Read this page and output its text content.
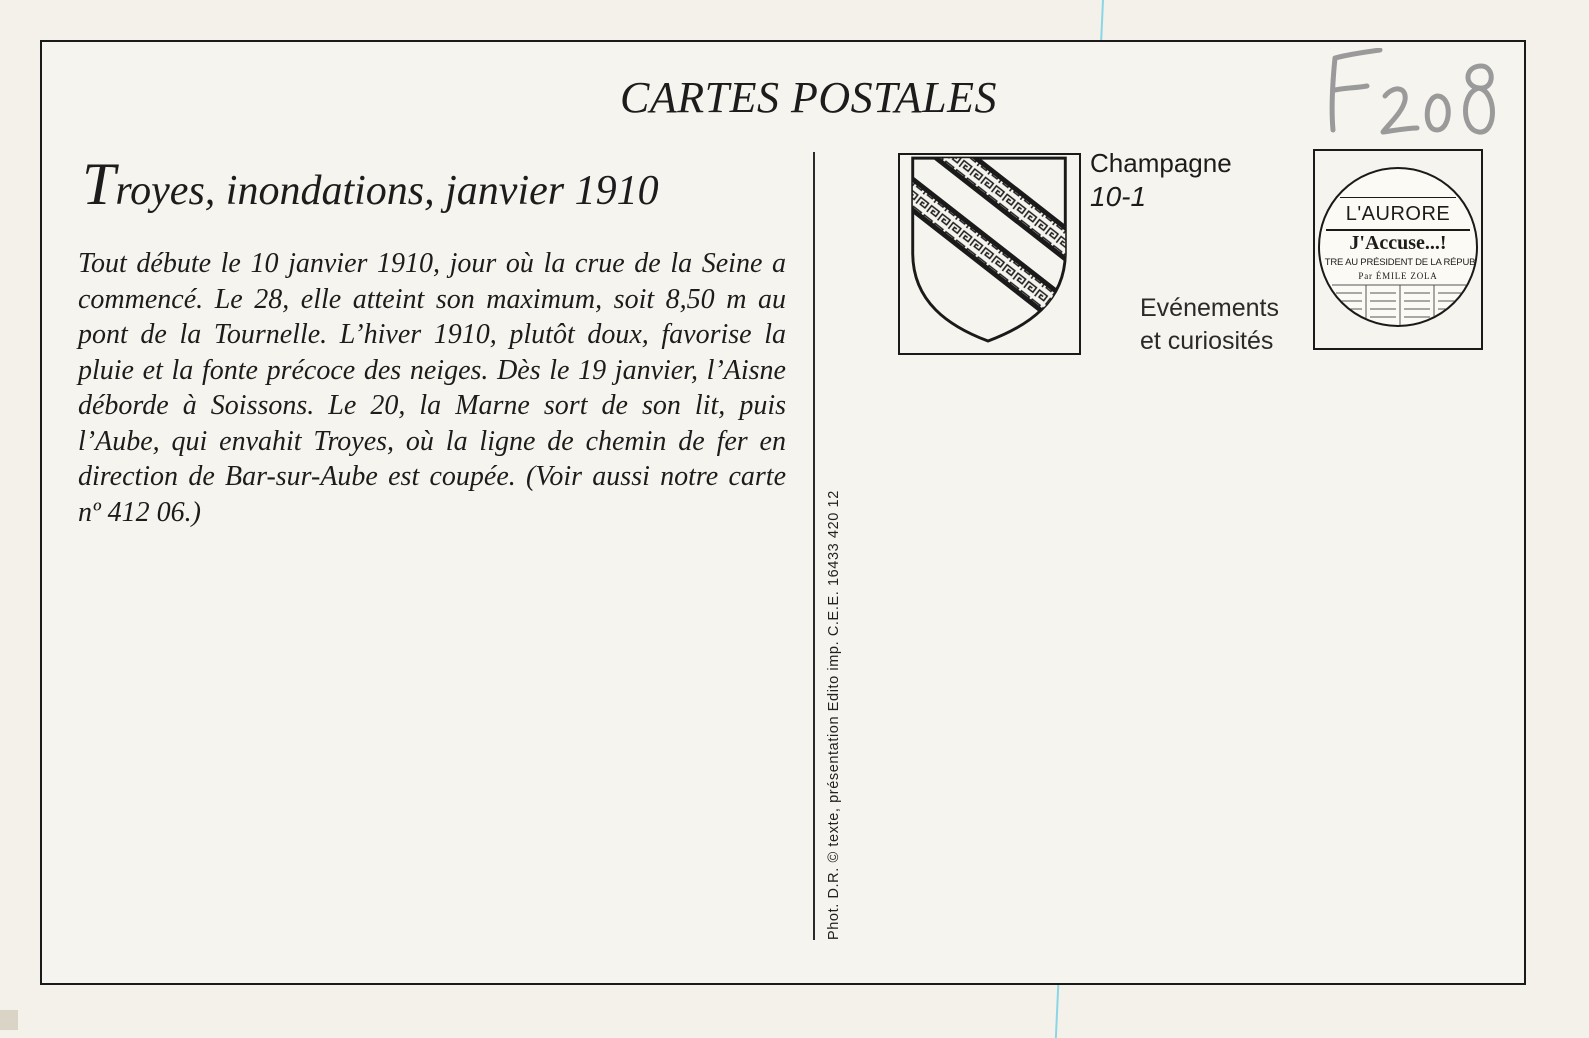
CARTES POSTALES
Troyes, inondations, janvier 1910
Tout débute le 10 janvier 1910, jour où la crue de la Seine a commencé. Le 28, elle atteint son maximum, soit 8,50 m au pont de la Tournelle. L’hiver 1910, plutôt doux, favorise la pluie et la fonte précoce des neiges. Dès le 19 janvier, l’Aisne déborde à Soissons. Le 20, la Marne sort de son lit, puis l’Aube, qui envahit Troyes, où la ligne de chemin de fer en direction de Bar-sur-Aube est coupée. (Voir aussi notre carte nº 412 06.)	Phot. D.R. © texte, présentation Edito imp. C.E.E. 16433 420 12
Champagne
10-1
Evénements
et curiosités
L'AURORE
J'Accuse...!
TRE AU PRÉSIDENT DE LA RÉPUB
Par ÉMILE ZOLA
